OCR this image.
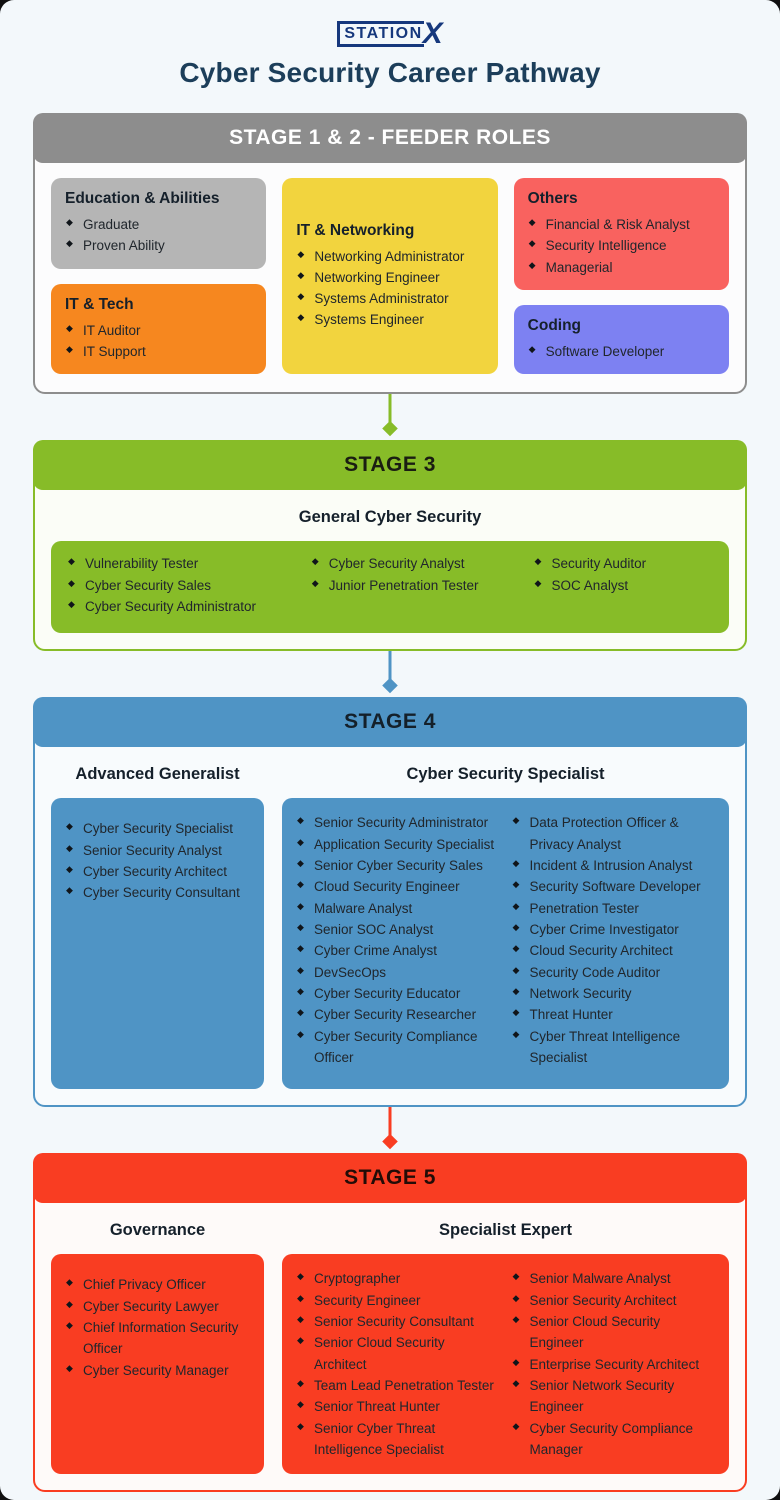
STATION X
Cyber Security Career Pathway
STAGE 1 & 2 - FEEDER ROLES
Education & Abilities
◆ Graduate
◆ Proven Ability
IT & Tech
◆ IT Auditor
◆ IT Support
IT & Networking
◆ Networking Administrator
◆ Networking Engineer
◆ Systems Administrator
◆ Systems Engineer
Others
◆ Financial & Risk Analyst
◆ Security Intelligence
◆ Managerial
Coding
◆ Software Developer
STAGE 3
General Cyber Security
◆ Vulnerability Tester
◆ Cyber Security Sales
◆ Cyber Security Administrator
◆ Cyber Security Analyst
◆ Junior Penetration Tester
◆ Security Auditor
◆ SOC Analyst
STAGE 4
Advanced Generalist
◆ Cyber Security Specialist
◆ Senior Security Analyst
◆ Cyber Security Architect
◆ Cyber Security Consultant
Cyber Security Specialist
◆ Senior Security Administrator
◆ Application Security Specialist
◆ Senior Cyber Security Sales
◆ Cloud Security Engineer
◆ Malware Analyst
◆ Senior SOC Analyst
◆ Cyber Crime Analyst
◆ DevSecOps
◆ Cyber Security Educator
◆ Cyber Security Researcher
◆ Cyber Security Compliance Officer
◆ Data Protection Officer & Privacy Analyst
◆ Incident & Intrusion Analyst
◆ Security Software Developer
◆ Penetration Tester
◆ Cyber Crime Investigator
◆ Cloud Security Architect
◆ Security Code Auditor
◆ Network Security
◆ Threat Hunter
◆ Cyber Threat Intelligence Specialist
STAGE 5
Governance
◆ Chief Privacy Officer
◆ Cyber Security Lawyer
◆ Chief Information Security Officer
◆ Cyber Security Manager
Specialist Expert
◆ Cryptographer
◆ Security Engineer
◆ Senior Security Consultant
◆ Senior Cloud Security Architect
◆ Team Lead Penetration Tester
◆ Senior Threat Hunter
◆ Senior Cyber Threat Intelligence Specialist
◆ Senior Malware Analyst
◆ Senior Security Architect
◆ Senior Cloud Security Engineer
◆ Enterprise Security Architect
◆ Senior Network Security Engineer
◆ Cyber Security Compliance Manager
